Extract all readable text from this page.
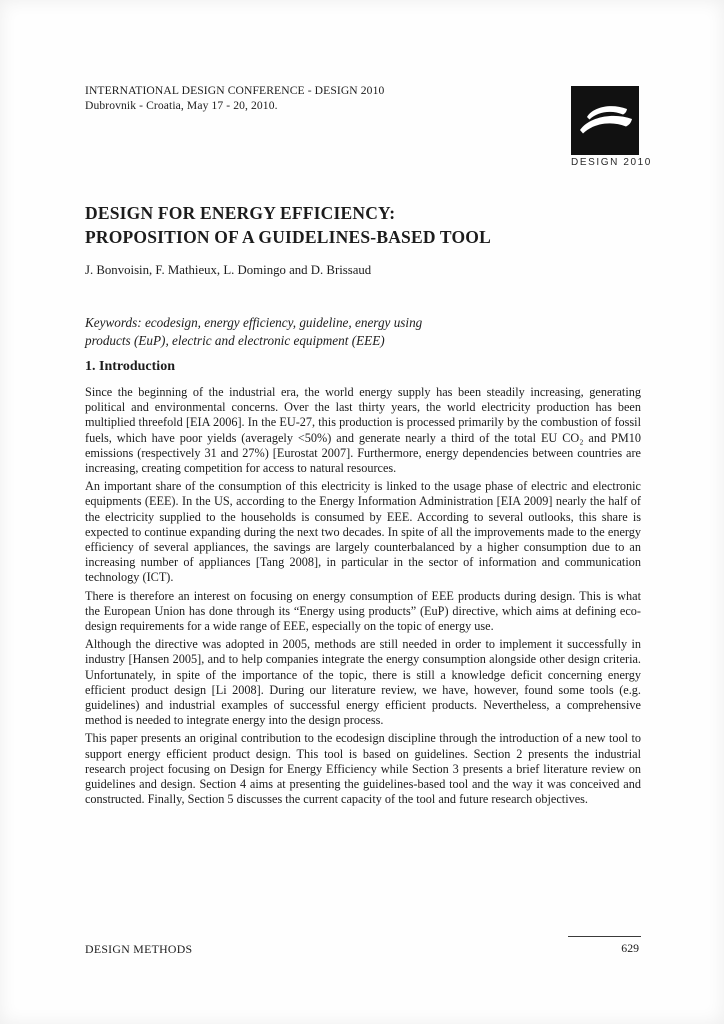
INTERNATIONAL DESIGN CONFERENCE - DESIGN 2010
Dubrovnik - Croatia, May 17 - 20, 2010.
DESIGN 2010
DESIGN FOR ENERGY EFFICIENCY:
PROPOSITION OF A GUIDELINES-BASED TOOL
J. Bonvoisin, F. Mathieux, L. Domingo and D. Brissaud
Keywords: ecodesign, energy efficiency, guideline, energy using
products (EuP), electric and electronic equipment (EEE)
1. Introduction

Since the beginning of the industrial era, the world energy supply has been steadily increasing, generating political and environmental concerns. Over the last thirty years, the world electricity production has been multiplied threefold [EIA 2006]. In the EU-27, this production is processed primarily by the combustion of fossil fuels, which have poor yields (averagely <50%) and generate nearly a third of the total EU CO₂ and PM10 emissions (respectively 31 and 27%) [Eurostat 2007]. Furthermore, energy dependencies between countries are increasing, creating competition for access to natural resources.

An important share of the consumption of this electricity is linked to the usage phase of electric and electronic equipments (EEE). In the US, according to the Energy Information Administration [EIA 2009] nearly the half of the electricity supplied to the households is consumed by EEE. According to several outlooks, this share is expected to continue expanding during the next two decades. In spite of all the improvements made to the energy efficiency of several appliances, the savings are largely counterbalanced by a higher consumption due to an increasing number of appliances [Tang 2008], in particular in the sector of information and communication technology (ICT).

There is therefore an interest on focusing on energy consumption of EEE products during design. This is what the European Union has done through its “Energy using products” (EuP) directive, which aims at defining eco-design requirements for a wide range of EEE, especially on the topic of energy use.

Although the directive was adopted in 2005, methods are still needed in order to implement it successfully in industry [Hansen 2005], and to help companies integrate the energy consumption alongside other design criteria. Unfortunately, in spite of the importance of the topic, there is still a knowledge deficit concerning energy efficient product design [Li 2008]. During our literature review, we have, however, found some tools (e.g. guidelines) and industrial examples of successful energy efficient products. Nevertheless, a comprehensive method is needed to integrate energy into the design process.

This paper presents an original contribution to the ecodesign discipline through the introduction of a new tool to support energy efficient product design. This tool is based on guidelines. Section 2 presents the industrial research project focusing on Design for Energy Efficiency while Section 3 presents a brief literature review on guidelines and design. Section 4 aims at presenting the guidelines-based tool and the way it was conceived and constructed. Finally, Section 5 discusses the current capacity of the tool and future research objectives.

DESIGN METHODS	629
